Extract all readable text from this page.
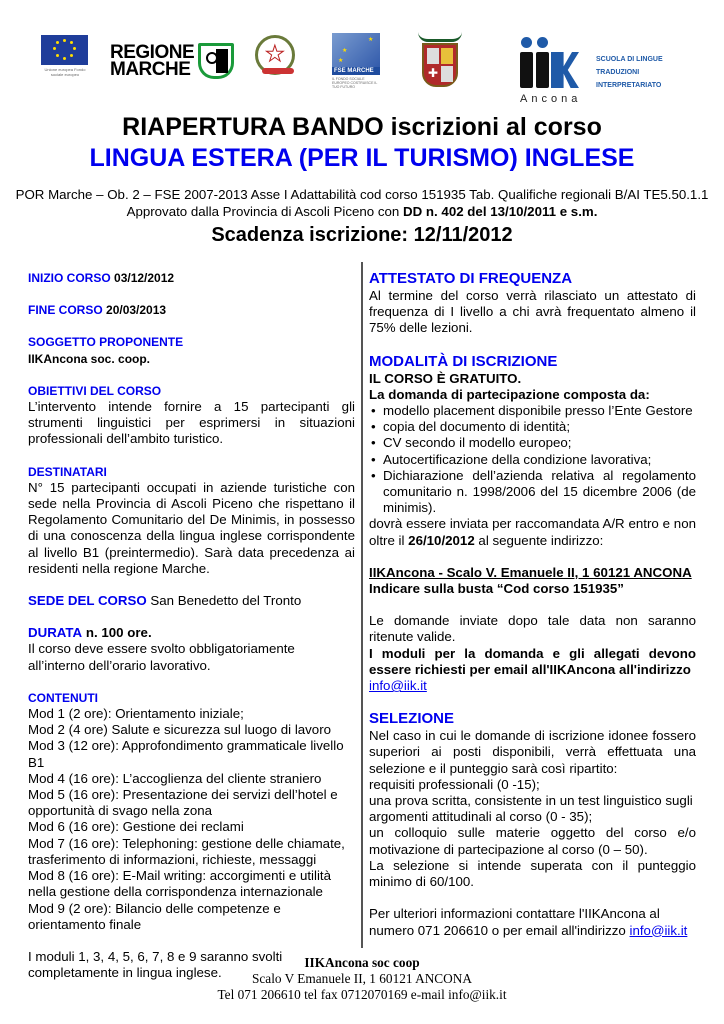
Unione europea Fondo sociale europeo
REGIONE
MARCHE
★
★
★
★
FSE MARCHE
IL FONDO SOCIALE EUROPEO COSTRUISCE IL TUO FUTURO
✚
Ancona
SCUOLA DI LINGUE
TRADUZIONI
INTERPRETARIATO
RIAPERTURA BANDO iscrizioni al corso
LINGUA ESTERA (PER IL TURISMO) INGLESE
POR Marche – Ob. 2 – FSE 2007-2013 Asse I Adattabilità cod corso 151935 Tab. Qualifiche regionali B/AI TE5.50.1.1
Approvato dalla Provincia di Ascoli Piceno con DD n. 402 del 13/10/2011 e s.m.
Scadenza iscrizione: 12/11/2012
INIZIO CORSO 03/12/2012
FINE CORSO 20/03/2013
SOGGETTO PROPONENTE
IIKAncona soc. coop.
OBIETTIVI DEL CORSO
L’intervento intende fornire a 15 partecipanti gli strumenti linguistici per esprimersi in situazioni professionali dell’ambito turistico.
DESTINATARI
N° 15 partecipanti occupati in aziende turistiche con sede nella Provincia di Ascoli Piceno che rispettano il Regolamento Comunitario del De Minimis, in possesso di una conoscenza della lingua inglese corrispondente al livello B1 (preintermedio). Sarà data precedenza ai residenti nella regione Marche.
SEDE DEL CORSO San Benedetto del Tronto
DURATA n. 100 ore.
Il corso deve essere svolto obbligatoriamente all’interno dell’orario lavorativo.
CONTENUTI
Mod 1 (2 ore): Orientamento iniziale;
Mod 2 (4 ore) Salute e sicurezza sul luogo di lavoro
Mod 3 (12 ore): Approfondimento grammaticale livello B1
Mod 4 (16 ore): L’accoglienza del cliente straniero
Mod 5 (16 ore): Presentazione dei servizi dell’hotel e opportunità di svago nella zona
Mod 6 (16 ore): Gestione dei reclami
Mod 7 (16 ore): Telephoning: gestione delle chiamate, trasferimento di informazioni, richieste, messaggi
Mod 8 (16 ore): E-Mail writing: accorgimenti e utilità nella gestione della corrispondenza internazionale
Mod 9 (2 ore): Bilancio delle competenze e orientamento finale
I moduli 1, 3, 4, 5, 6, 7, 8 e 9 saranno svolti completamente in lingua inglese.
ATTESTATO DI FREQUENZA
Al termine del corso verrà rilasciato un attestato di frequenza di I livello a chi avrà frequentato almeno il 75% delle lezioni.
MODALITÀ DI ISCRIZIONE
IL CORSO È GRATUITO.
La domanda di partecipazione composta da:
• modello placement disponibile presso l’Ente Gestore
• copia del documento di identità;
• CV secondo il modello europeo;
• Autocertificazione della condizione lavorativa;
• Dichiarazione dell’azienda relativa al regolamento comunitario n. 1998/2006 del 15 dicembre 2006 (de minimis).
dovrà essere inviata per raccomandata A/R entro e non oltre il 26/10/2012 al seguente indirizzo:
IIKAncona - Scalo V. Emanuele II, 1 60121 ANCONA
Indicare sulla busta “Cod corso 151935”
Le domande inviate dopo tale data non saranno ritenute valide.
I moduli per la domanda e gli allegati devono essere richiesti per email all'IIKAncona all'indirizzo
info@iik.it
SELEZIONE
Nel caso in cui le domande di iscrizione idonee fossero superiori ai posti disponibili, verrà effettuata una selezione e il punteggio sarà così ripartito:
requisiti professionali (0 -15);
una prova scritta, consistente in un test linguistico sugli argomenti attitudinali al corso (0 - 35);
un colloquio sulle materie oggetto del corso e/o motivazione di partecipazione al corso (0 – 50).
La selezione si intende superata con il punteggio minimo di 60/100.
Per ulteriori informazioni contattare l'IIKAncona al numero 071 206610 o per email all'indirizzo info@iik.it
IIKAncona soc coop
Scalo V Emanuele II, 1 60121 ANCONA
Tel 071 206610 tel fax 0712070169 e-mail info@iik.it
